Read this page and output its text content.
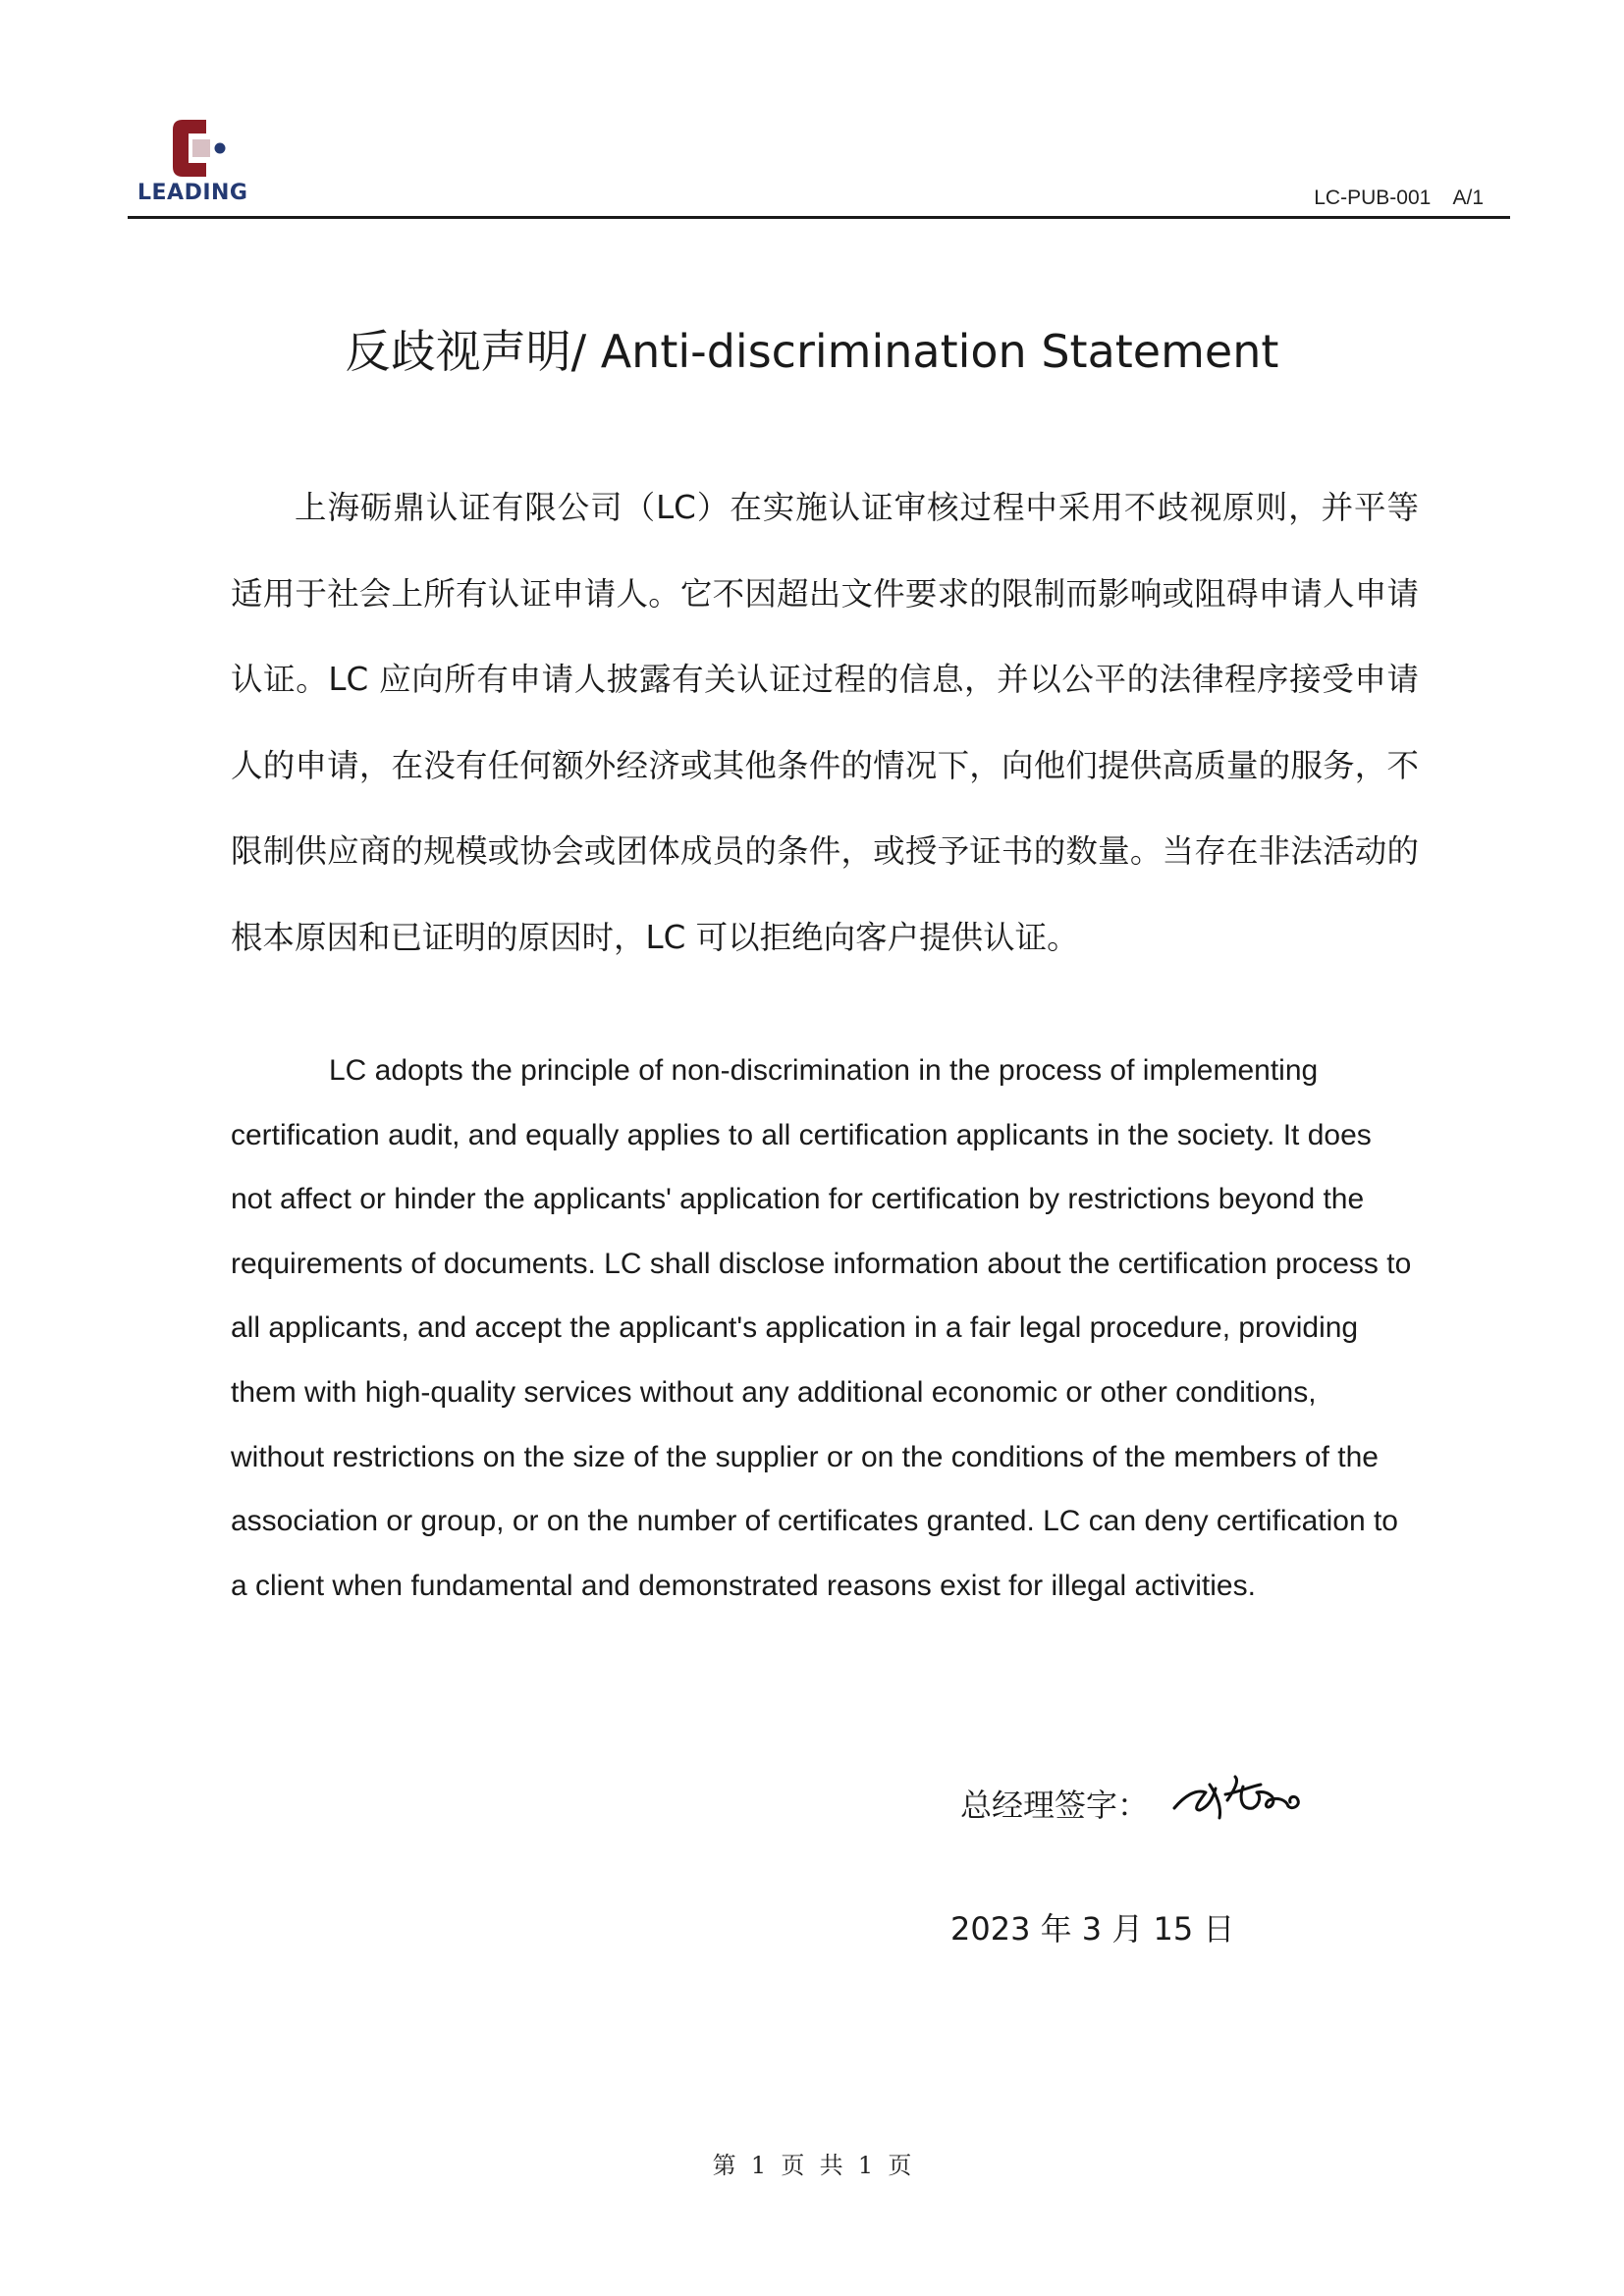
LEADING	LC-PUB-001    A/1
反歧视声明/ Anti-discrimination Statement

上海砺鼎认证有限公司（LC）在实施认证审核过程中采用不歧视原则，并平等适用于社会上所有认证申请人。它不因超出文件要求的限制而影响或阻碍申请人申请认证。LC 应向所有申请人披露有关认证过程的信息，并以公平的法律程序接受申请人的申请，在没有任何额外经济或其他条件的情况下，向他们提供高质量的服务，不限制供应商的规模或协会或团体成员的条件，或授予证书的数量。当存在非法活动的根本原因和已证明的原因时，LC 可以拒绝向客户提供认证。

LC adopts the principle of non-discrimination in the process of implementing certification audit, and equally applies to all certification applicants in the society. It does not affect or hinder the applicants' application for certification by restrictions beyond the requirements of documents. LC shall disclose information about the certification process to all applicants, and accept the applicant's application in a fair legal procedure, providing them with high-quality services without any additional economic or other conditions, without restrictions on the size of the supplier or on the conditions of the members of the association or group, or on the number of certificates granted. LC can deny certification to a client when fundamental and demonstrated reasons exist for illegal activities.

总经理签字：
2023 年 3 月 15 日
第  1  页  共  1  页
